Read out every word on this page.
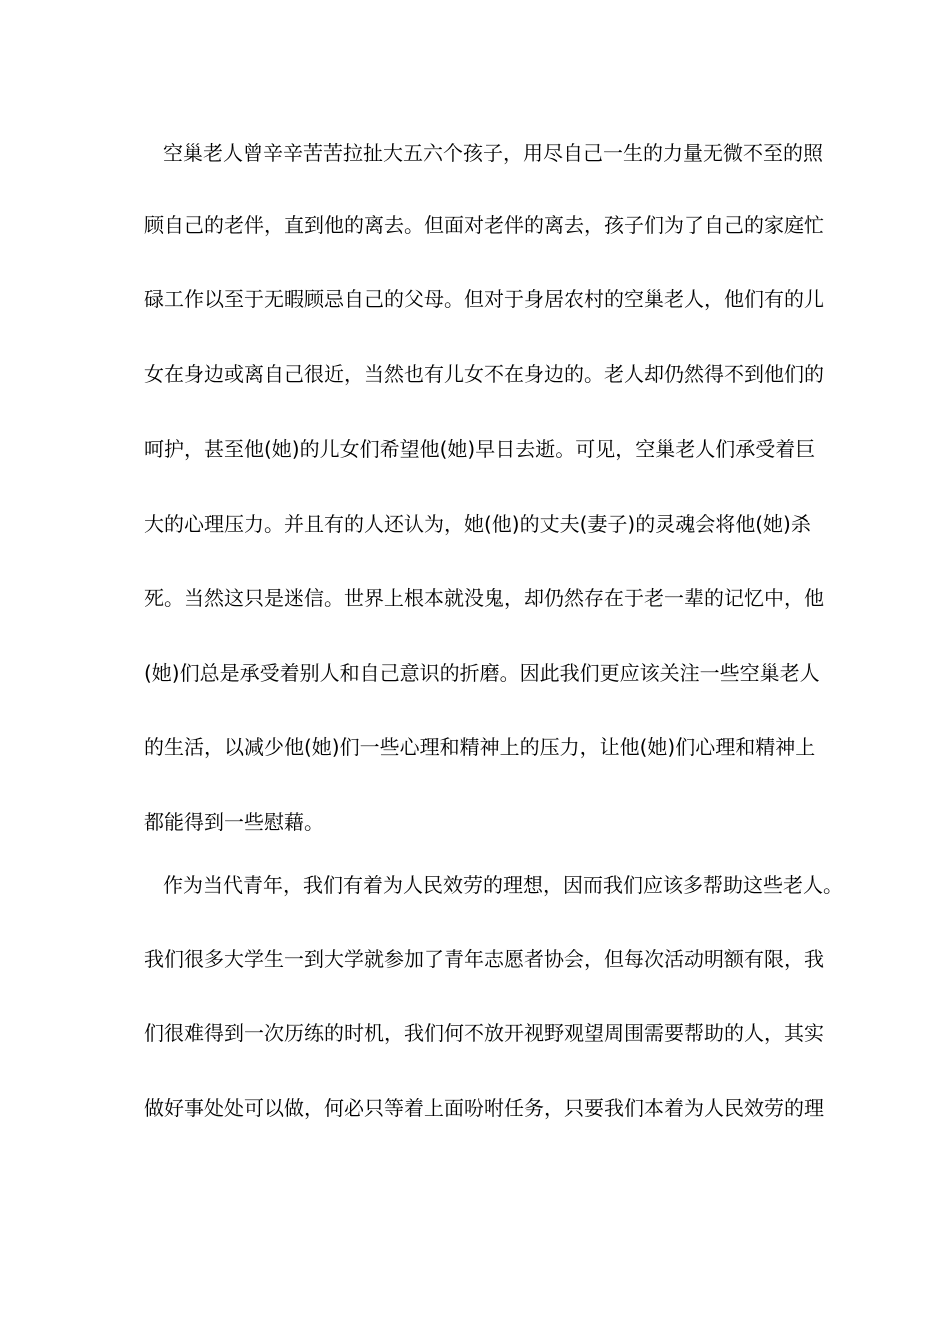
空巢老人曾辛辛苦苦拉扯大五六个孩子，用尽自己一生的力量无微不至的照
顾自己的老伴，直到他的离去。但面对老伴的离去，孩子们为了自己的家庭忙
碌工作以至于无暇顾忌自己的父母。但对于身居农村的空巢老人，他们有的儿
女在身边或离自己很近，当然也有儿女不在身边的。老人却仍然得不到他们的
呵护，甚至他(她)的儿女们希望他(她)早日去逝。可见，空巢老人们承受着巨
大的心理压力。并且有的人还认为，她(他)的丈夫(妻子)的灵魂会将他(她)杀
死。当然这只是迷信。世界上根本就没鬼，却仍然存在于老一辈的记忆中，他
(她)们总是承受着别人和自己意识的折磨。因此我们更应该关注一些空巢老人
的生活，以减少他(她)们一些心理和精神上的压力，让他(她)们心理和精神上
都能得到一些慰藉。
作为当代青年，我们有着为人民效劳的理想，因而我们应该多帮助这些老人。
我们很多大学生一到大学就参加了青年志愿者协会，但每次活动明额有限，我
们很难得到一次历练的时机，我们何不放开视野观望周围需要帮助的人，其实
做好事处处可以做，何必只等着上面吩咐任务，只要我们本着为人民效劳的理
